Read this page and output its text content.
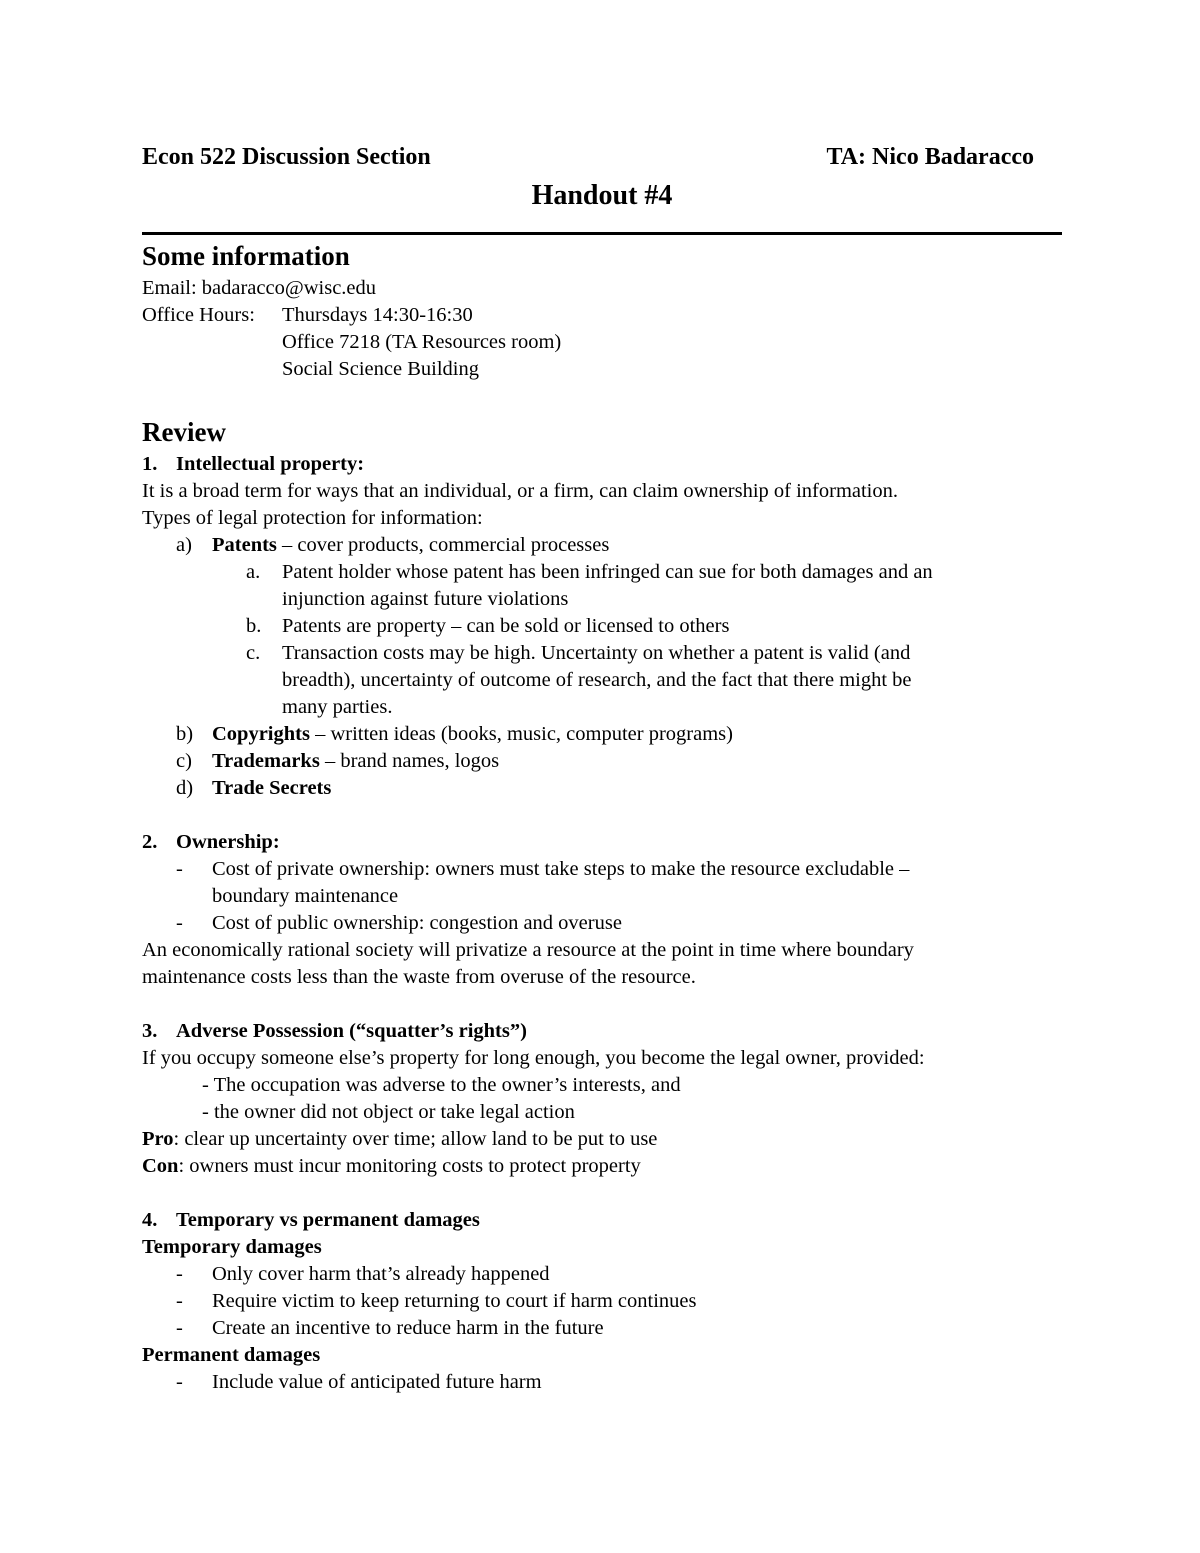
Econ 522 Discussion Section	TA: Nico Badaracco
Handout #4
Some information
Email: badaracco@wisc.edu
Office Hours: Thursdays 14:30-16:30
Office 7218 (TA Resources room)
Social Science Building
Review
1. Intellectual property:
It is a broad term for ways that an individual, or a firm, can claim ownership of information.
Types of legal protection for information:
a) Patents – cover products, commercial processes
a. Patent holder whose patent has been infringed can sue for both damages and an
injunction against future violations
b. Patents are property – can be sold or licensed to others
c. Transaction costs may be high. Uncertainty on whether a patent is valid (and
breadth), uncertainty of outcome of research, and the fact that there might be
many parties.
b) Copyrights – written ideas (books, music, computer programs)
c) Trademarks – brand names, logos
d) Trade Secrets
2. Ownership:
- Cost of private ownership: owners must take steps to make the resource excludable –
boundary maintenance
- Cost of public ownership: congestion and overuse
An economically rational society will privatize a resource at the point in time where boundary
maintenance costs less than the waste from overuse of the resource.
3. Adverse Possession (“squatter’s rights”)
If you occupy someone else’s property for long enough, you become the legal owner, provided:
- The occupation was adverse to the owner’s interests, and
- the owner did not object or take legal action
Pro: clear up uncertainty over time; allow land to be put to use
Con: owners must incur monitoring costs to protect property
4. Temporary vs permanent damages
Temporary damages
- Only cover harm that’s already happened
- Require victim to keep returning to court if harm continues
- Create an incentive to reduce harm in the future
Permanent damages
- Include value of anticipated future harm
